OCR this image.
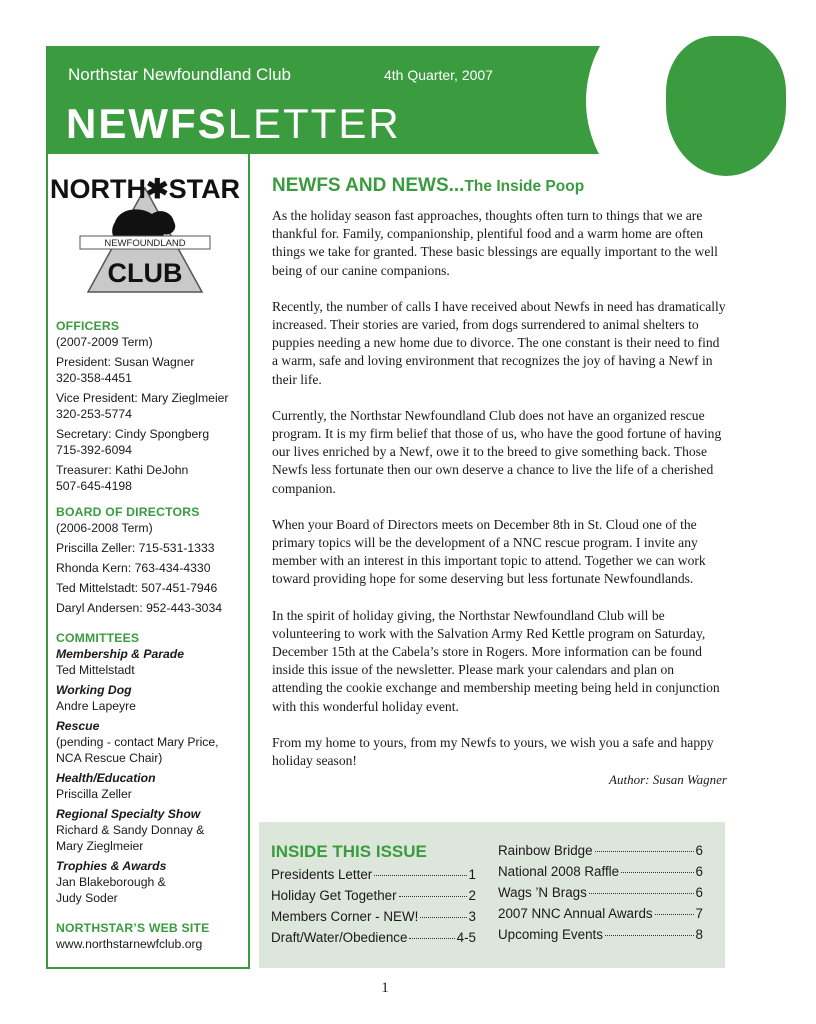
Northstar Newfoundland Club	4th Quarter, 2007
NEWFSLETTER
NORTH✱STAR
NEWFOUNDLAND
CLUB
OFFICERS
(2007-2009 Term)
President: Susan Wagner
320-358-4451
Vice President: Mary Zieglmeier
320-253-5774
Secretary: Cindy Spongberg
715-392-6094
Treasurer: Kathi DeJohn
507-645-4198
BOARD OF DIRECTORS
(2006-2008 Term)
Priscilla Zeller: 715-531-1333
Rhonda Kern: 763-434-4330
Ted Mittelstadt: 507-451-7946
Daryl Andersen: 952-443-3034
COMMITTEES
Membership & Parade
Ted Mittelstadt
Working Dog
Andre Lapeyre
Rescue
(pending - contact Mary Price,
NCA Rescue Chair)
Health/Education
Priscilla Zeller
Regional Specialty Show
Richard & Sandy Donnay &
Mary Zieglmeier
Trophies & Awards
Jan Blakeborough &
Judy Soder
NORTHSTAR’S WEB SITE
www.northstarnewfclub.org
NEWFS AND NEWS...The Inside Poop

As the holiday season fast approaches, thoughts often turn to things that we are thankful for. Family, companionship, plentiful food and a warm home are often things we take for granted. These basic blessings are equally important to the well being of our canine companions.

Recently, the number of calls I have received about Newfs in need has dramatically increased. Their stories are varied, from dogs surrendered to animal shelters to puppies needing a new home due to divorce. The one constant is their need to find a warm, safe and loving environment that recognizes the joy of having a Newf in their life.

Currently, the Northstar Newfoundland Club does not have an organized rescue program. It is my firm belief that those of us, who have the good fortune of having our lives enriched by a Newf, owe it to the breed to give something back. Those Newfs less fortunate then our own deserve a chance to live the life of a cherished companion.

When your Board of Directors meets on December 8th in St. Cloud one of the primary topics will be the development of a NNC rescue program. I invite any member with an interest in this important topic to attend. Together we can work toward providing hope for some deserving but less fortunate Newfoundlands.

In the spirit of holiday giving, the Northstar Newfoundland Club will be volunteering to work with the Salvation Army Red Kettle program on Saturday, December 15th at the Cabela’s store in Rogers. More information can be found inside this issue of the newsletter. Please mark your calendars and plan on attending the cookie exchange and membership meeting being held in conjunction with this wonderful holiday event.

From my home to yours, from my Newfs to yours, we wish you a safe and happy holiday season!

Author: Susan Wagner
INSIDE THIS ISSUE
Presidents Letter	1
Holiday Get Together	2
Members Corner - NEW!	3
Draft/Water/Obedience	4-5
Rainbow Bridge	6
National 2008 Raffle	6
Wags ’N Brags	6
2007 NNC Annual Awards	7
Upcoming Events	8
1
